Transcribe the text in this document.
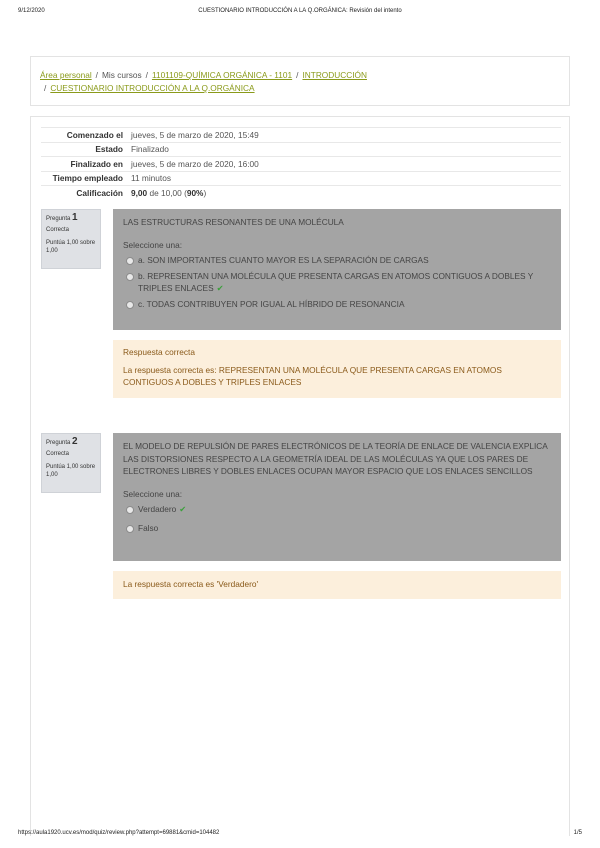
9/12/2020	CUESTIONARIO INTRODUCCIÓN A LA Q.ORGÁNICA: Revisión del intento
Área personal / Mis cursos / 1101109-QUÍMICA ORGÁNICA - 1101 / INTRODUCCIÓN
/ CUESTIONARIO INTRODUCCIÓN A LA Q.ORGÁNICA
Comenzado el	jueves, 5 de marzo de 2020, 15:49
Estado	Finalizado
Finalizado en	jueves, 5 de marzo de 2020, 16:00
Tiempo empleado	11 minutos
Calificación	9,00 de 10,00 (90%)
Pregunta 1
Correcta
Puntúa 1,00 sobre 1,00
LAS ESTRUCTURAS RESONANTES DE UNA MOLÉCULA
Seleccione una:
a. SON IMPORTANTES CUANTO MAYOR ES LA SEPARACIÓN DE CARGAS
b. REPRESENTAN UNA MOLÉCULA QUE PRESENTA CARGAS EN ATOMOS CONTIGUOS A DOBLES Y TRIPLES ENLACES ✔
c. TODAS CONTRIBUYEN POR IGUAL AL HÍBRIDO DE RESONANCIA
Respuesta correcta
La respuesta correcta es: REPRESENTAN UNA MOLÉCULA QUE PRESENTA CARGAS EN ATOMOS CONTIGUOS A DOBLES Y TRIPLES ENLACES
Pregunta 2
Correcta
Puntúa 1,00 sobre 1,00
EL MODELO DE REPULSIÓN DE PARES ELECTRÓNICOS DE LA TEORÍA DE ENLACE DE VALENCIA EXPLICA LAS DISTORSIONES RESPECTO A LA GEOMETRÍA IDEAL DE LAS MOLÉCULAS YA QUE LOS PARES DE ELECTRONES LIBRES Y DOBLES ENLACES OCUPAN MAYOR ESPACIO QUE LOS ENLACES SENCILLOS
Seleccione una:
Verdadero ✔
Falso
La respuesta correcta es 'Verdadero'
https://aula1920.ucv.es/mod/quiz/review.php?attempt=69881&cmid=104482	1/5
